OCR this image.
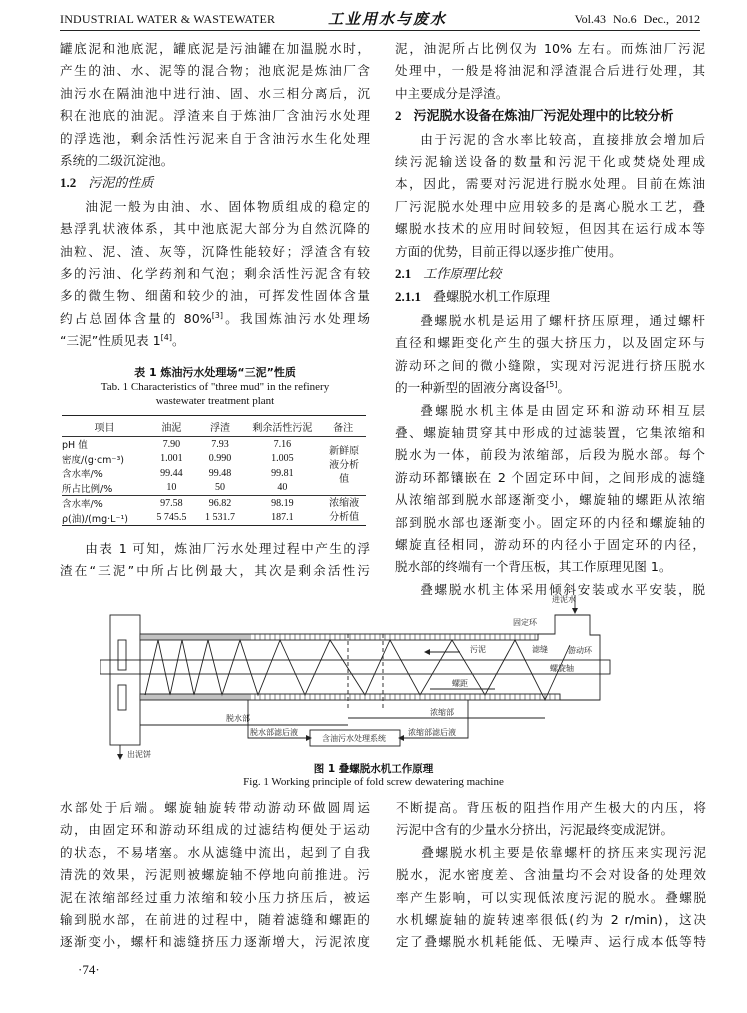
INDUSTRIAL WATER & WASTEWATER	工业用水与废水	Vol.43 No.6 Dec., 2012

罐底泥和池底泥，罐底泥是污油罐在加温脱水时，

产生的油、水、泥等的混合物；池底泥是炼油厂含

油污水在隔油池中进行油、固、水三相分离后，沉

积在池底的油泥。浮渣来自于炼油厂含油污水处理

的浮选池，剩余活性污泥来自于含油污水生化处理

系统的二级沉淀池。

1.2 污泥的性质

油泥一般为由油、水、固体物质组成的稳定的

悬浮乳状液体系，其中池底泥大部分为自然沉降的

油粒、泥、渣、灰等，沉降性能较好；浮渣含有较

多的污油、化学药剂和气泡；剩余活性污泥含有较

多的微生物、细菌和较少的油，可挥发性固体含量

约占总固体含量的 80%[3]。我国炼油污水处理场

“三泥”性质见表 1[4]。

表 1 炼油污水处理场“三泥”性质
Tab. 1 Characteristics of "three mud" in the refinery
wastewater treatment plant
项目	油泥	浮渣	剩余活性污泥	备注
pH 值	7.90	7.93	7.16	新鲜原液分析值
密度/(g·cm⁻³)	1.001	0.990	1.005	
含水率/%	99.44	99.48	99.81	
所占比例/%	10	50	40	
含水率/%	97.58	96.82	98.19	浓缩液分析值
ρ(油)/(mg·L⁻¹)	5 745.5	1 531.7	187.1	

由表 1 可知，炼油厂污水处理过程中产生的浮

渣在“三泥”中所占比例最大，其次是剩余活性污

泥，油泥所占比例仅为 10% 左右。而炼油厂污泥

处理中，一般是将油泥和浮渣混合后进行处理，其

中主要成分是浮渣。

2 污泥脱水设备在炼油厂污泥处理中的比较分析

由于污泥的含水率比较高，直接排放会增加后

续污泥输送设备的数量和污泥干化或焚烧处理成

本，因此，需要对污泥进行脱水处理。目前在炼油

厂污泥脱水处理中应用较多的是离心脱水工艺，叠

螺脱水技术的应用时间较短，但因其在运行成本等

方面的优势，目前正得以逐步推广使用。

2.1 工作原理比较

2.1.1 叠螺脱水机工作原理

叠螺脱水机是运用了螺杆挤压原理，通过螺杆

直径和螺距变化产生的强大挤压力，以及固定环与

游动环之间的微小缝隙，实现对污泥进行挤压脱水

的一种新型的固液分离设备[5]。

叠螺脱水机主体是由固定环和游动环相互层

叠、螺旋轴贯穿其中形成的过滤装置，它集浓缩和

脱水为一体，前段为浓缩部，后段为脱水部。每个

游动环都镶嵌在 2 个固定环中间，之间形成的滤缝

从浓缩部到脱水部逐渐变小，螺旋轴的螺距从浓缩

部到脱水部也逐渐变小。固定环的内径和螺旋轴的

螺旋直径相同，游动环的内径小于固定环的内径，

脱水部的终端有一个背压板，其工作原理见图 1。

叠螺脱水机主体采用倾斜安装或水平安装，脱

进泥水
固定环
污泥	滤缝	游动环
螺旋轴
螺距
脱水部
浓缩部
脱水部滤后液
含油污水处理系统
浓缩部滤后液
出泥饼
图 1 叠螺脱水机工作原理
Fig. 1 Working principle of fold screw dewatering machine

水部处于后端。螺旋轴旋转带动游动环做圆周运

动，由固定环和游动环组成的过滤结构便处于运动

的状态，不易堵塞。水从滤缝中流出，起到了自我

清洗的效果，污泥则被螺旋轴不停地向前推进。污

泥在浓缩部经过重力浓缩和较小压力挤压后，被运

输到脱水部，在前进的过程中，随着滤缝和螺距的

逐渐变小，螺杆和滤缝挤压力逐渐增大，污泥浓度

不断提高。背压板的阻挡作用产生极大的内压，将

污泥中含有的少量水分挤出，污泥最终变成泥饼。

叠螺脱水机主要是依靠螺杆的挤压来实现污泥

脱水，泥水密度差、含油量均不会对设备的处理效

率产生影响，可以实现低浓度污泥的脱水。叠螺脱

水机螺旋轴的旋转速率很低(约为 2 r/min)，这决

定了叠螺脱水机耗能低、无噪声、运行成本低等特

·74·
